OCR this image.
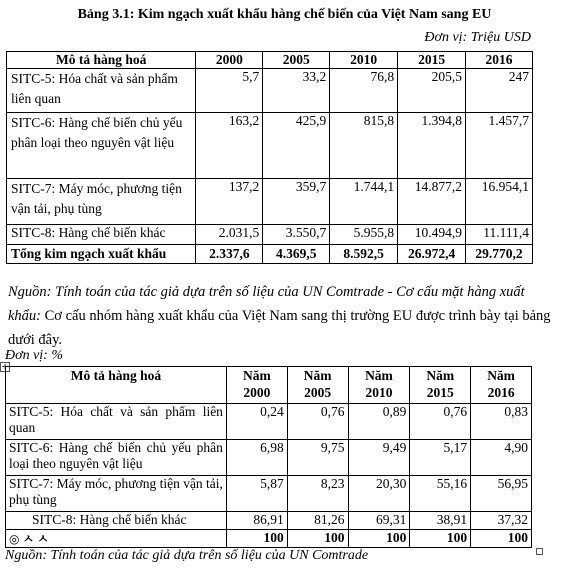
Bảng 3.1: Kim ngạch xuất khẩu hàng chế biến của Việt Nam sang EU
Đơn vị: Triệu USD
Mô tả hàng hoá	2000	2005	2010	2015	2016
SITC-5: Hóa chất và sản phẩm liên quan	5,7	33,2	76,8	205,5	247
SITC-6: Hàng chế biến chủ yếu phân loại theo nguyên vật liệu	163,2	425,9	815,8	1.394,8	1.457,7
SITC-7: Máy móc, phương tiện vận tải, phụ tùng	137,2	359,7	1.744,1	14.877,2	16.954,1
SITC-8: Hàng chế biến khác	2.031,5	3.550,7	5.955,8	10.494,9	11.111,4
Tổng kim ngạch xuất khẩu	2.337,6	4.369,5	8.592,5	26.972,4	29.770,2
Nguồn: Tính toán của tác giả dựa trên số liệu của UN Comtrade - Cơ cấu mặt hàng xuất khẩu: Cơ cấu nhóm hàng xuất khẩu của Việt Nam sang thị trường EU được trình bày tại bảng dưới đây.
Đơn vị: %
✛
Mô tả hàng hoá	Năm 2000	Năm 2005	Năm 2010	Năm 2015	Năm 2016
SITC-5: Hóa chất và sản phẩm liên quan	0,24	0,76	0,89	0,76	0,83
SITC-6: Hàng chế biến chủ yếu phân loại theo nguyên vật liệu	6,98	9,75	9,49	5,17	4,90
SITC-7: Máy móc, phương tiện vận tải, phụ tùng	5,87	8,23	20,30	55,16	56,95
SITC-8: Hàng chế biến khác	86,91	81,26	69,31	38,91	37,32
◎ ㅅ ㅅ	100	100	100	100	100
Nguồn: Tính toán của tác giả dựa trên số liệu của UN Comtrade
